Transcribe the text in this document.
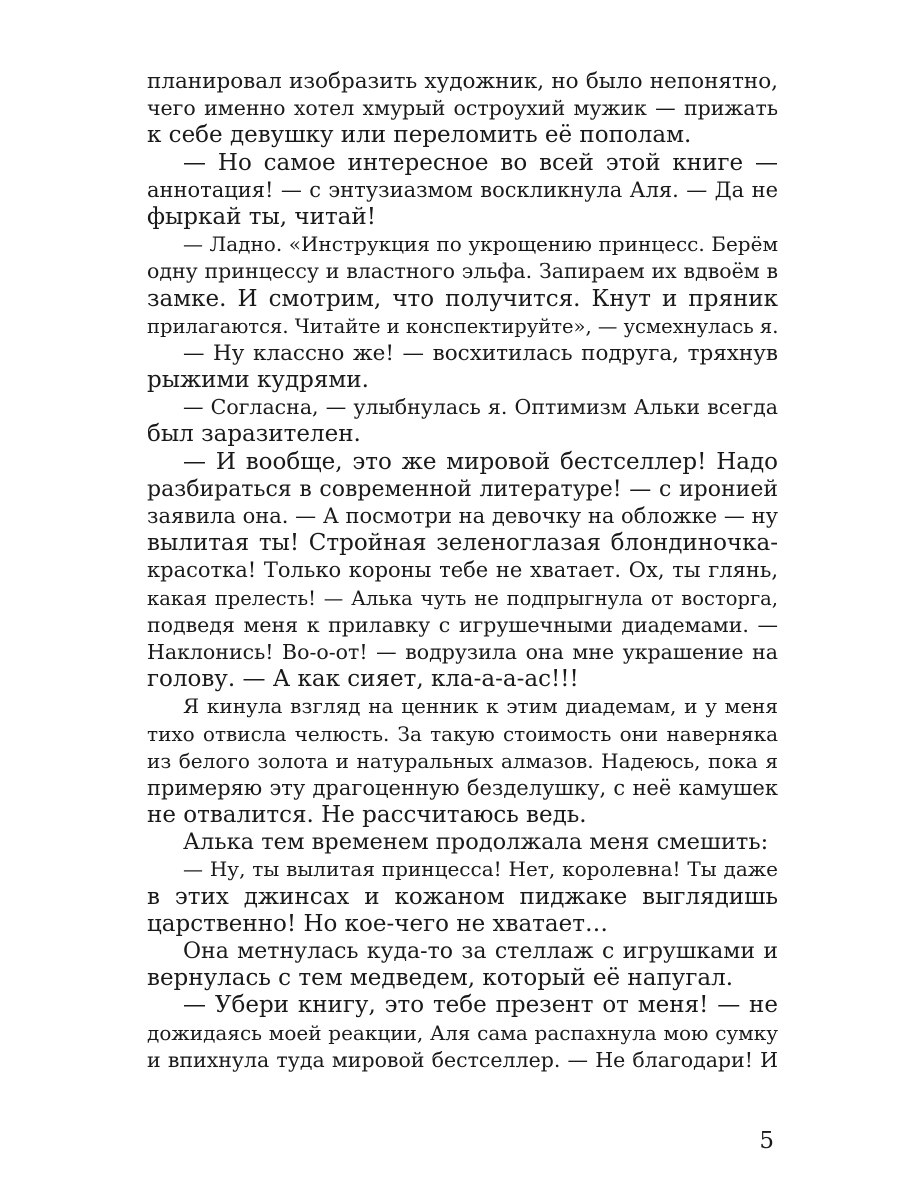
планировал изобразить художник, но было непонятно,
чего именно хотел хмурый остроухий мужик — прижать
к себе девушку или переломить её пополам.
— Но самое интересное во всей этой книге —
аннотация! — с энтузиазмом воскликнула Аля. — Да не
фыркай ты, читай!
— Ладно. «Инструкция по укрощению принцесс. Берём
одну принцессу и властного эльфа. Запираем их вдвоём в
замке. И смотрим, что получится. Кнут и пряник
прилагаются. Читайте и конспектируйте», — усмехнулась я.
— Ну классно же! — восхитилась подруга, тряхнув
рыжими кудрями.
— Согласна, — улыбнулась я. Оптимизм Альки всегда
был заразителен.
— И вообще, это же мировой бестселлер! Надо
разбираться в современной литературе! — с иронией
заявила она. — А посмотри на девочку на обложке — ну
вылитая ты! Стройная зеленоглазая блондиночка-
красотка! Только короны тебе не хватает. Ох, ты глянь,
какая прелесть! — Алька чуть не подпрыгнула от восторга,
подведя меня к прилавку с игрушечными диадемами. —
Наклонись! Во-о-от! — водрузила она мне украшение на
голову. — А как сияет, кла-а-а-ас!!!
Я кинула взгляд на ценник к этим диадемам, и у меня
тихо отвисла челюсть. За такую стоимость они наверняка
из белого золота и натуральных алмазов. Надеюсь, пока я
примеряю эту драгоценную безделушку, с неё камушек
не отвалится. Не рассчитаюсь ведь.
Алька тем временем продолжала меня смешить:
— Ну, ты вылитая принцесса! Нет, королевна! Ты даже
в этих джинсах и кожаном пиджаке выглядишь
царственно! Но кое-чего не хватает…
Она метнулась куда-то за стеллаж с игрушками и
вернулась с тем медведем, который её напугал.
— Убери книгу, это тебе презент от меня! — не
дожидаясь моей реакции, Аля сама распахнула мою сумку
и впихнула туда мировой бестселлер. — Не благодари! И
5
